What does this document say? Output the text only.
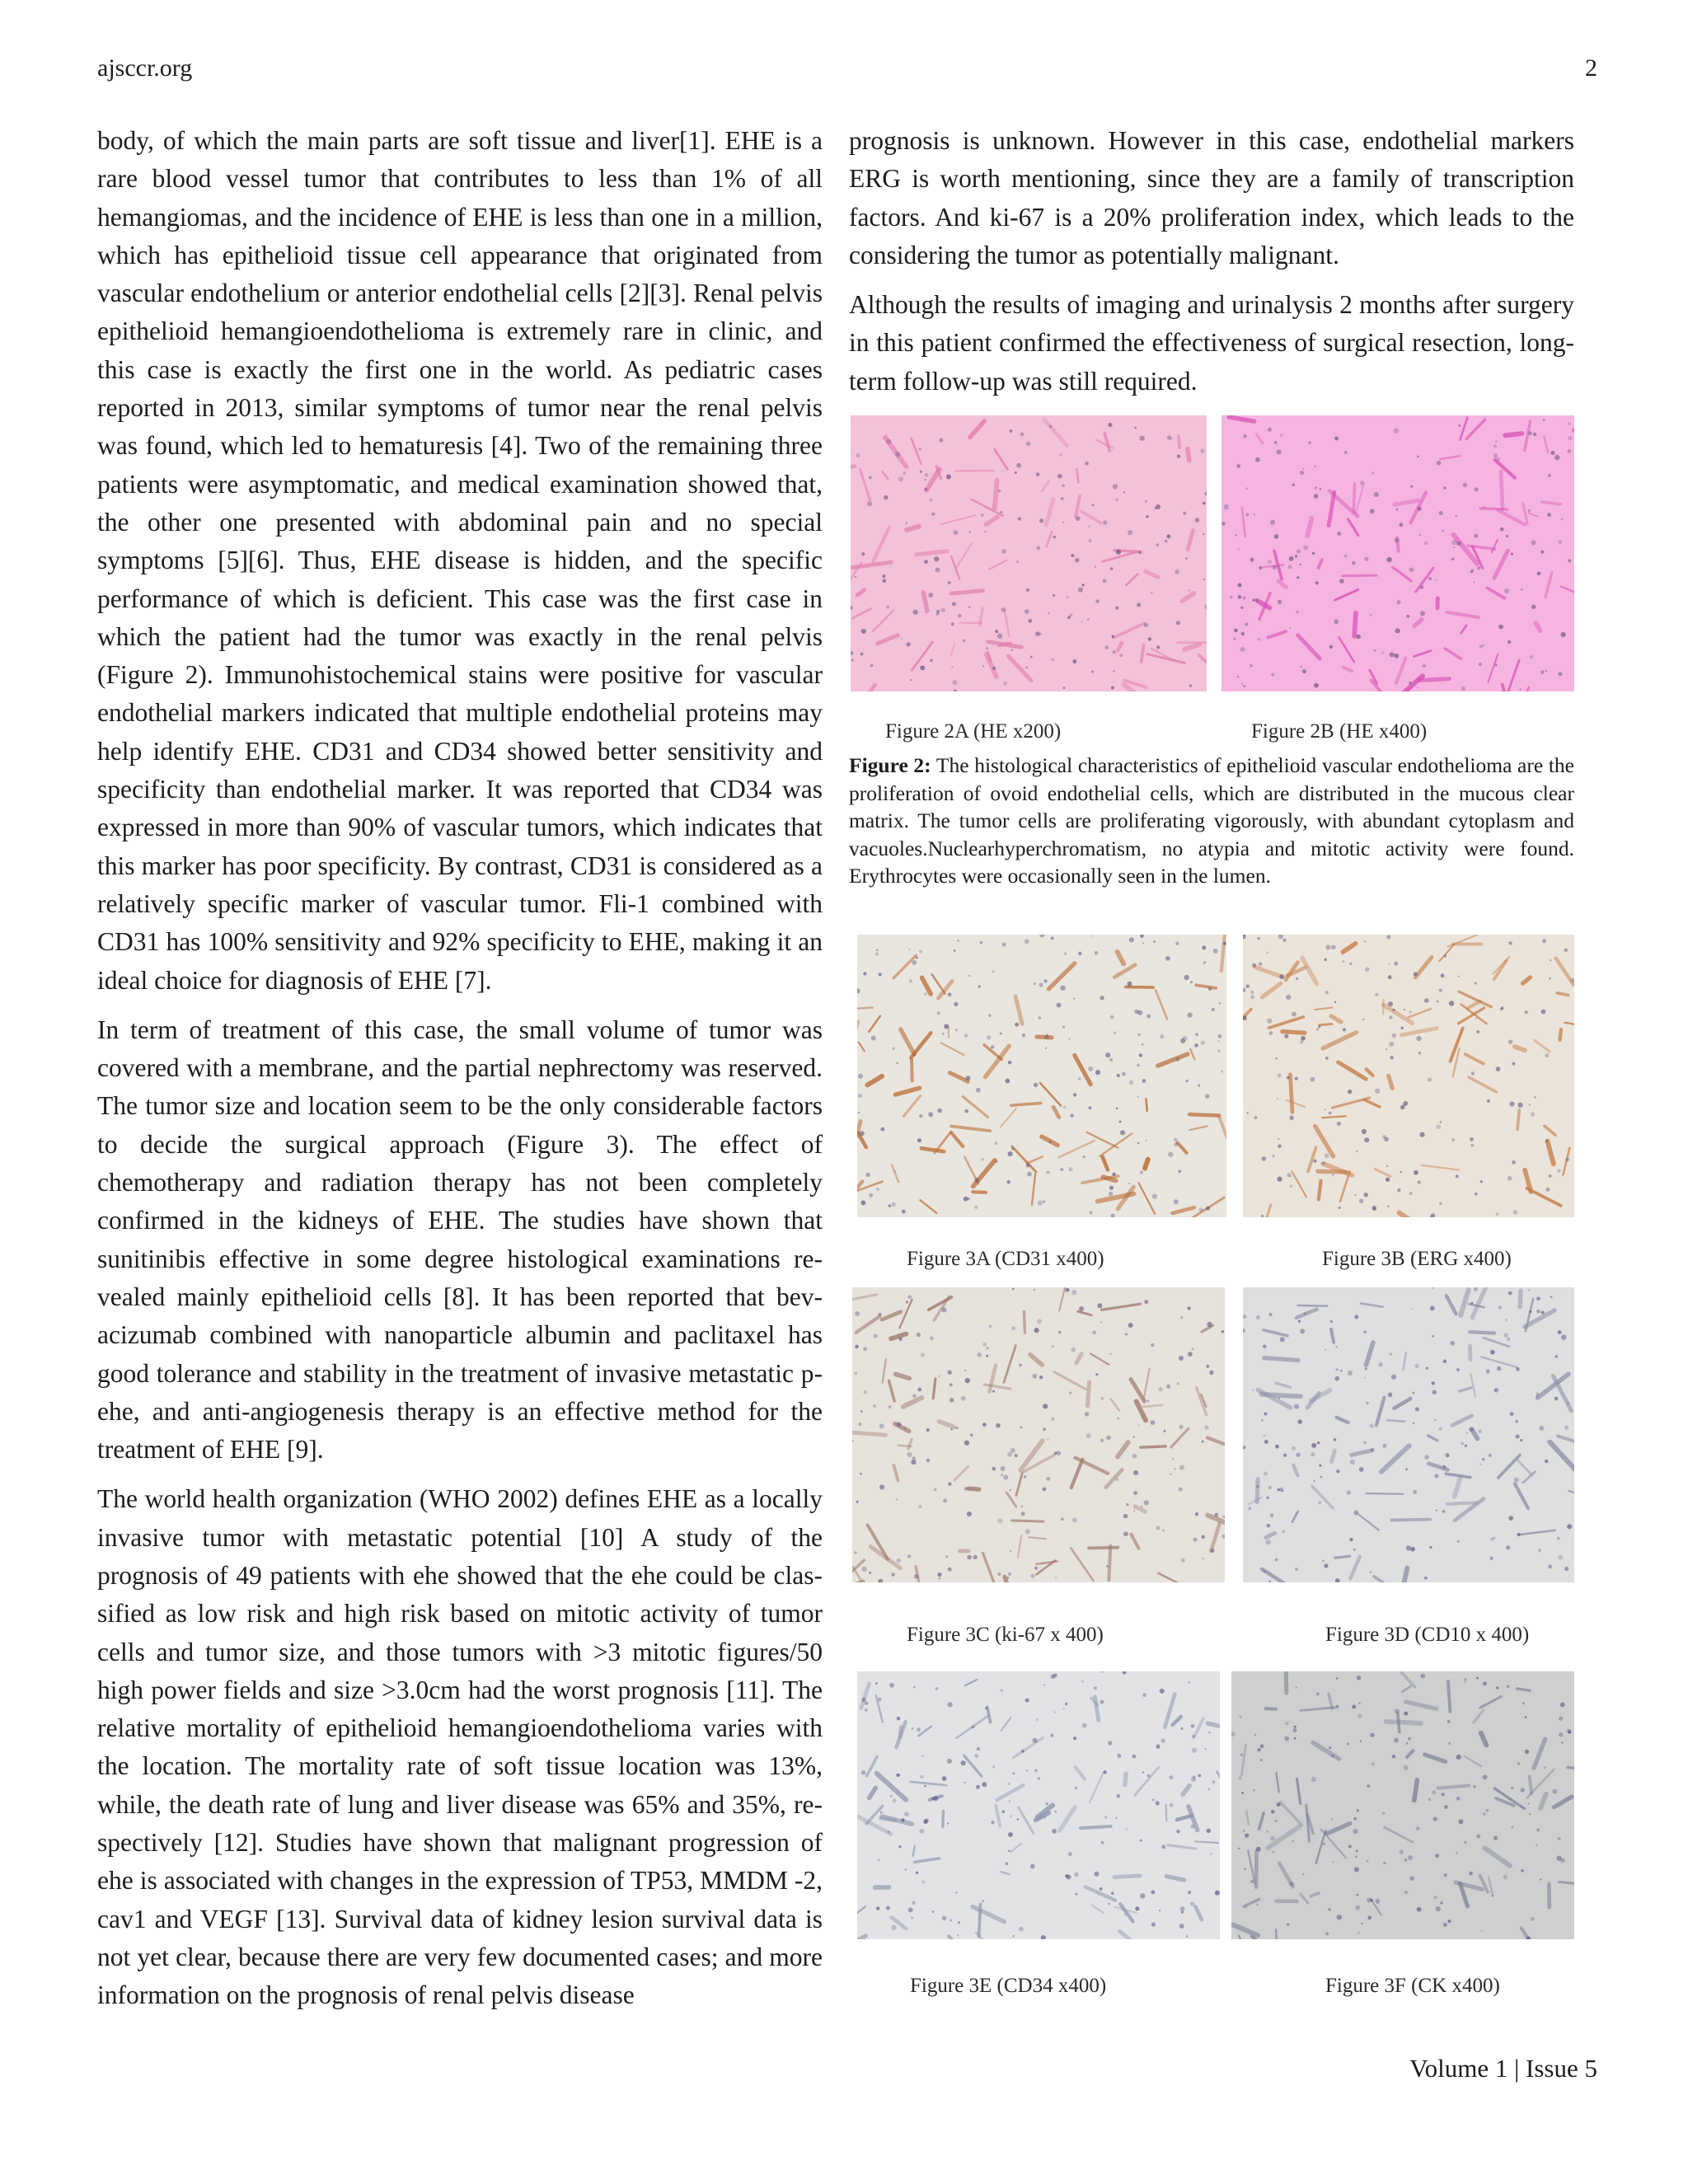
ajsccr.org	2

body, of which the main parts are soft tissue and liver[1]. EHE is a rare blood vessel tumor that contributes to less than 1% of all hemangiomas, and the incidence of EHE is less than one in a million, which has epithelioid tissue cell appearance that originated from vascular endothelium or anterior endothelial cells [2][3]. Renal pelvis epithelioid hemangioendothelioma is extremely rare in clinic, and this case is exactly the first one in the world. As pediatric cases reported in 2013, similar symptoms of tumor near the renal pelvis was found, which led to hematuresis [4]. Two of the remaining three patients were asymptomatic, and medical examination showed that, the other one presented with abdominal pain and no special symptoms [5][6]. Thus, EHE disease is hidden, and the specific performance of which is deficient. This case was the first case in which the patient had the tumor was exactly in the renal pelvis (Figure 2). Immunohistochemical stains were positive for vascular endothelial markers indicated that multiple endothelial proteins may help identify EHE. CD31 and CD34 showed better sensitivity and specificity than endothelial marker. It was reported that CD34 was expressed in more than 90% of vascular tumors, which indicates that this marker has poor specificity. By contrast, CD31 is considered as a relatively specific marker of vascular tumor. Fli-1 combined with CD31 has 100% sensitivity and 92% specificity to EHE, making it an ideal choice for diagnosis of EHE [7].

In term of treatment of this case, the small volume of tumor was covered with a membrane, and the partial nephrectomy was reserved. The tumor size and location seem to be the only considerable factors to decide the surgical approach (Figure 3). The effect of chemotherapy and radiation therapy has not been completely confirmed in the kidneys of EHE. The studies have shown that sunitinibis effective in some degree histological examinations revealed mainly epithelioid cells [8]. It has been reported that bevacizumab combined with nanoparticle albumin and paclitaxel has good tolerance and stability in the treatment of invasive metastatic p-ehe, and anti-angiogenesis therapy is an effective method for the treatment of EHE [9].

The world health organization (WHO 2002) defines EHE as a locally invasive tumor with metastatic potential [10] A study of the prognosis of 49 patients with ehe showed that the ehe could be classified as low risk and high risk based on mitotic activity of tumor cells and tumor size, and those tumors with >3 mitotic figures/50 high power fields and size >3.0cm had the worst prognosis [11]. The relative mortality of epithelioid hemangioendothelioma varies with the location. The mortality rate of soft tissue location was 13%, while, the death rate of lung and liver disease was 65% and 35%, respectively [12]. Studies have shown that malignant progression of ehe is associated with changes in the expression of TP53, MMDM -2, cav1 and VEGF [13]. Survival data of kidney lesion survival data is not yet clear, because there are very few documented cases; and more information on the prognosis of renal pelvis disease

prognosis is unknown. However in this case, endothelial markers ERG is worth mentioning, since they are a family of transcription factors. And ki-67 is a 20% proliferation index, which leads to the considering the tumor as potentially malignant.

Although the results of imaging and urinalysis 2 months after surgery in this patient confirmed the effectiveness of surgical resection, long-term follow-up was still required.

Figure 2A (HE x200)	Figure 2B (HE x400)
Figure 2: The histological characteristics of epithelioid vascular endothelioma are the proliferation of ovoid endothelial cells, which are distributed in the mucous clear matrix. The tumor cells are proliferating vigorously, with abundant cytoplasm and vacuoles.Nuclearhyperchromatism, no atypia and mitotic activity were found. Erythrocytes were occasionally seen in the lumen.
Figure 3A (CD31 x400)	Figure 3B (ERG x400)
Figure 3C (ki-67 x 400)	Figure 3D (CD10 x 400)
Figure 3E (CD34 x400)	Figure 3F (CK x400)
Volume 1 | Issue 5
